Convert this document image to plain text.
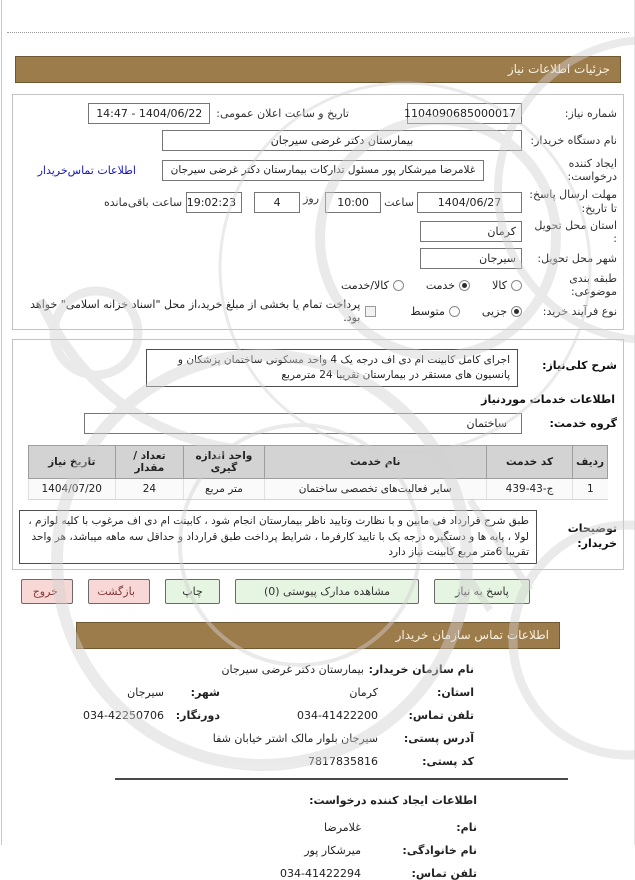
جزئیات اطلاعات نیاز
شماره نیاز:
1104090685000017
تاریخ و ساعت اعلان عمومی:
1404/06/22 - 14:47
نام دستگاه خریدار:
بیمارستان دکتر غرضی سیرجان
ایجاد کننده درخواست:
غلامرضا میرشکار پور مسئول تدارکات بیمارستان دکتر غرضی سیرجان
اطلاعات تماس‌خریدار
مهلت ارسال پاسخ: تا تاریخ:
1404/06/27
ساعت
10:00
روز
4
19:02:23
ساعت باقی‌مانده
استان محل تحویل :
کرمان
شهر محل تحویل:
سیرجان
طبقه بندی موضوعی:
کالا
خدمت
کالا/خدمت
نوع فرآیند خرید:
جزیی
متوسط
پرداخت تمام یا بخشی از مبلغ خرید،از محل "اسناد خزانه اسلامی" خواهد بود.
شرح کلی‌نیاز:
اجرای کامل کابینت ام دی اف درجه یک 4 واحد مسکونی ساختمان پزشکان و پانسیون های مستقر در بیمارستان تقریبا 24 مترمربع
اطلاعات خدمات موردنیاز
گروه خدمت:
ساختمان
ردیف	کد خدمت	نام خدمت	واحد اندازه گیری	تعداد / مقدار	تاریخ نیاز
1	ج-43-439	سایر فعالیت‌های تخصصی ساختمان	متر مربع	24	1404/07/20
توضیحات خریدار:
طبق شرح قرارداد فی مابین و با نظارت وتایید ناظر بیمارستان انجام شود ، کابینت ام دی اف مرغوب با کلیه لوازم ، لولا ، پایه ها و دستگیره درجه یک با تایید کارفرما ، شرایط پرداخت طبق قرارداد و حداقل سه ماهه میباشد، هر واحد تقریبا 6متر مربع کابینت نیاز دارد
پاسخ به نیاز
مشاهده مدارک پیوستی (0)
چاپ
بازگشت
خروج
اطلاعات تماس سازمان خریدار
نام سازمان خریدار:
بیمارستان دکتر غرضی سیرجان
استان:
کرمان
شهر:
سیرجان
تلفن تماس:
034-41422200
دورنگار:
034-42250706
آدرس پستی:
سیرجان بلوار مالک اشتر خیابان شفا
کد پستی:
7817835816
اطلاعات ایجاد کننده درخواست:
نام:
غلامرضا
نام خانوادگی:
میرشکار پور
تلفن تماس:
034-41422294
